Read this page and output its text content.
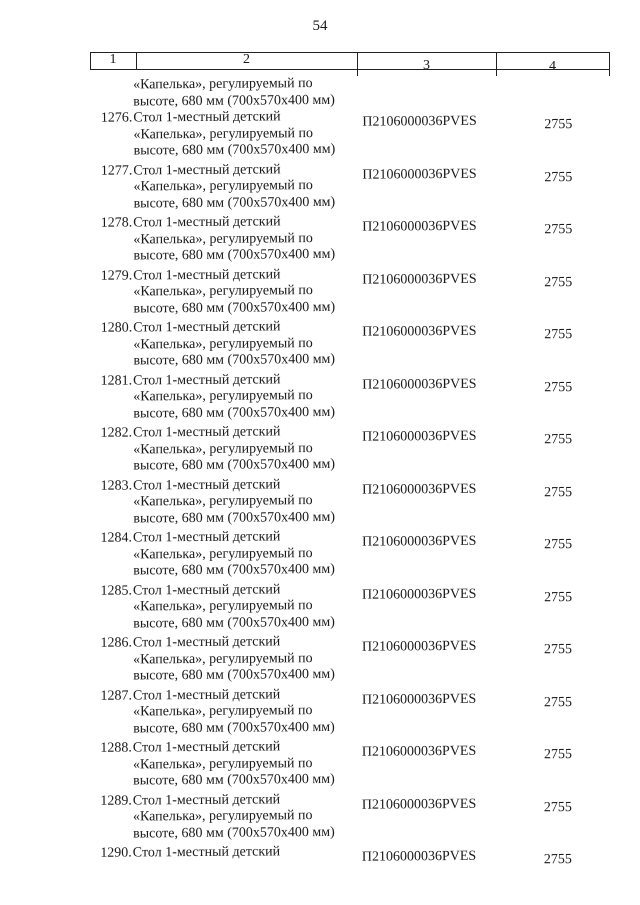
54
1	2	3	4
«Капелька», регулируемый по
высоте, 680 мм (700х570х400 мм)
1276. Стол 1-местный детский
«Капелька», регулируемый по
высоте, 680 мм (700х570х400 мм)
П2106000036PVES	2755
1277. Стол 1-местный детский
«Капелька», регулируемый по
высоте, 680 мм (700х570х400 мм)
П2106000036PVES	2755
1278. Стол 1-местный детский
«Капелька», регулируемый по
высоте, 680 мм (700х570х400 мм)
П2106000036PVES	2755
1279. Стол 1-местный детский
«Капелька», регулируемый по
высоте, 680 мм (700х570х400 мм)
П2106000036PVES	2755
1280. Стол 1-местный детский
«Капелька», регулируемый по
высоте, 680 мм (700х570х400 мм)
П2106000036PVES	2755
1281. Стол 1-местный детский
«Капелька», регулируемый по
высоте, 680 мм (700х570х400 мм)
П2106000036PVES	2755
1282. Стол 1-местный детский
«Капелька», регулируемый по
высоте, 680 мм (700х570х400 мм)
П2106000036PVES	2755
1283. Стол 1-местный детский
«Капелька», регулируемый по
высоте, 680 мм (700х570х400 мм)
П2106000036PVES	2755
1284. Стол 1-местный детский
«Капелька», регулируемый по
высоте, 680 мм (700х570х400 мм)
П2106000036PVES	2755
1285. Стол 1-местный детский
«Капелька», регулируемый по
высоте, 680 мм (700х570х400 мм)
П2106000036PVES	2755
1286. Стол 1-местный детский
«Капелька», регулируемый по
высоте, 680 мм (700х570х400 мм)
П2106000036PVES	2755
1287. Стол 1-местный детский
«Капелька», регулируемый по
высоте, 680 мм (700х570х400 мм)
П2106000036PVES	2755
1288. Стол 1-местный детский
«Капелька», регулируемый по
высоте, 680 мм (700х570х400 мм)
П2106000036PVES	2755
1289. Стол 1-местный детский
«Капелька», регулируемый по
высоте, 680 мм (700х570х400 мм)
П2106000036PVES	2755
1290. Стол 1-местный детский	П2106000036PVES	2755
